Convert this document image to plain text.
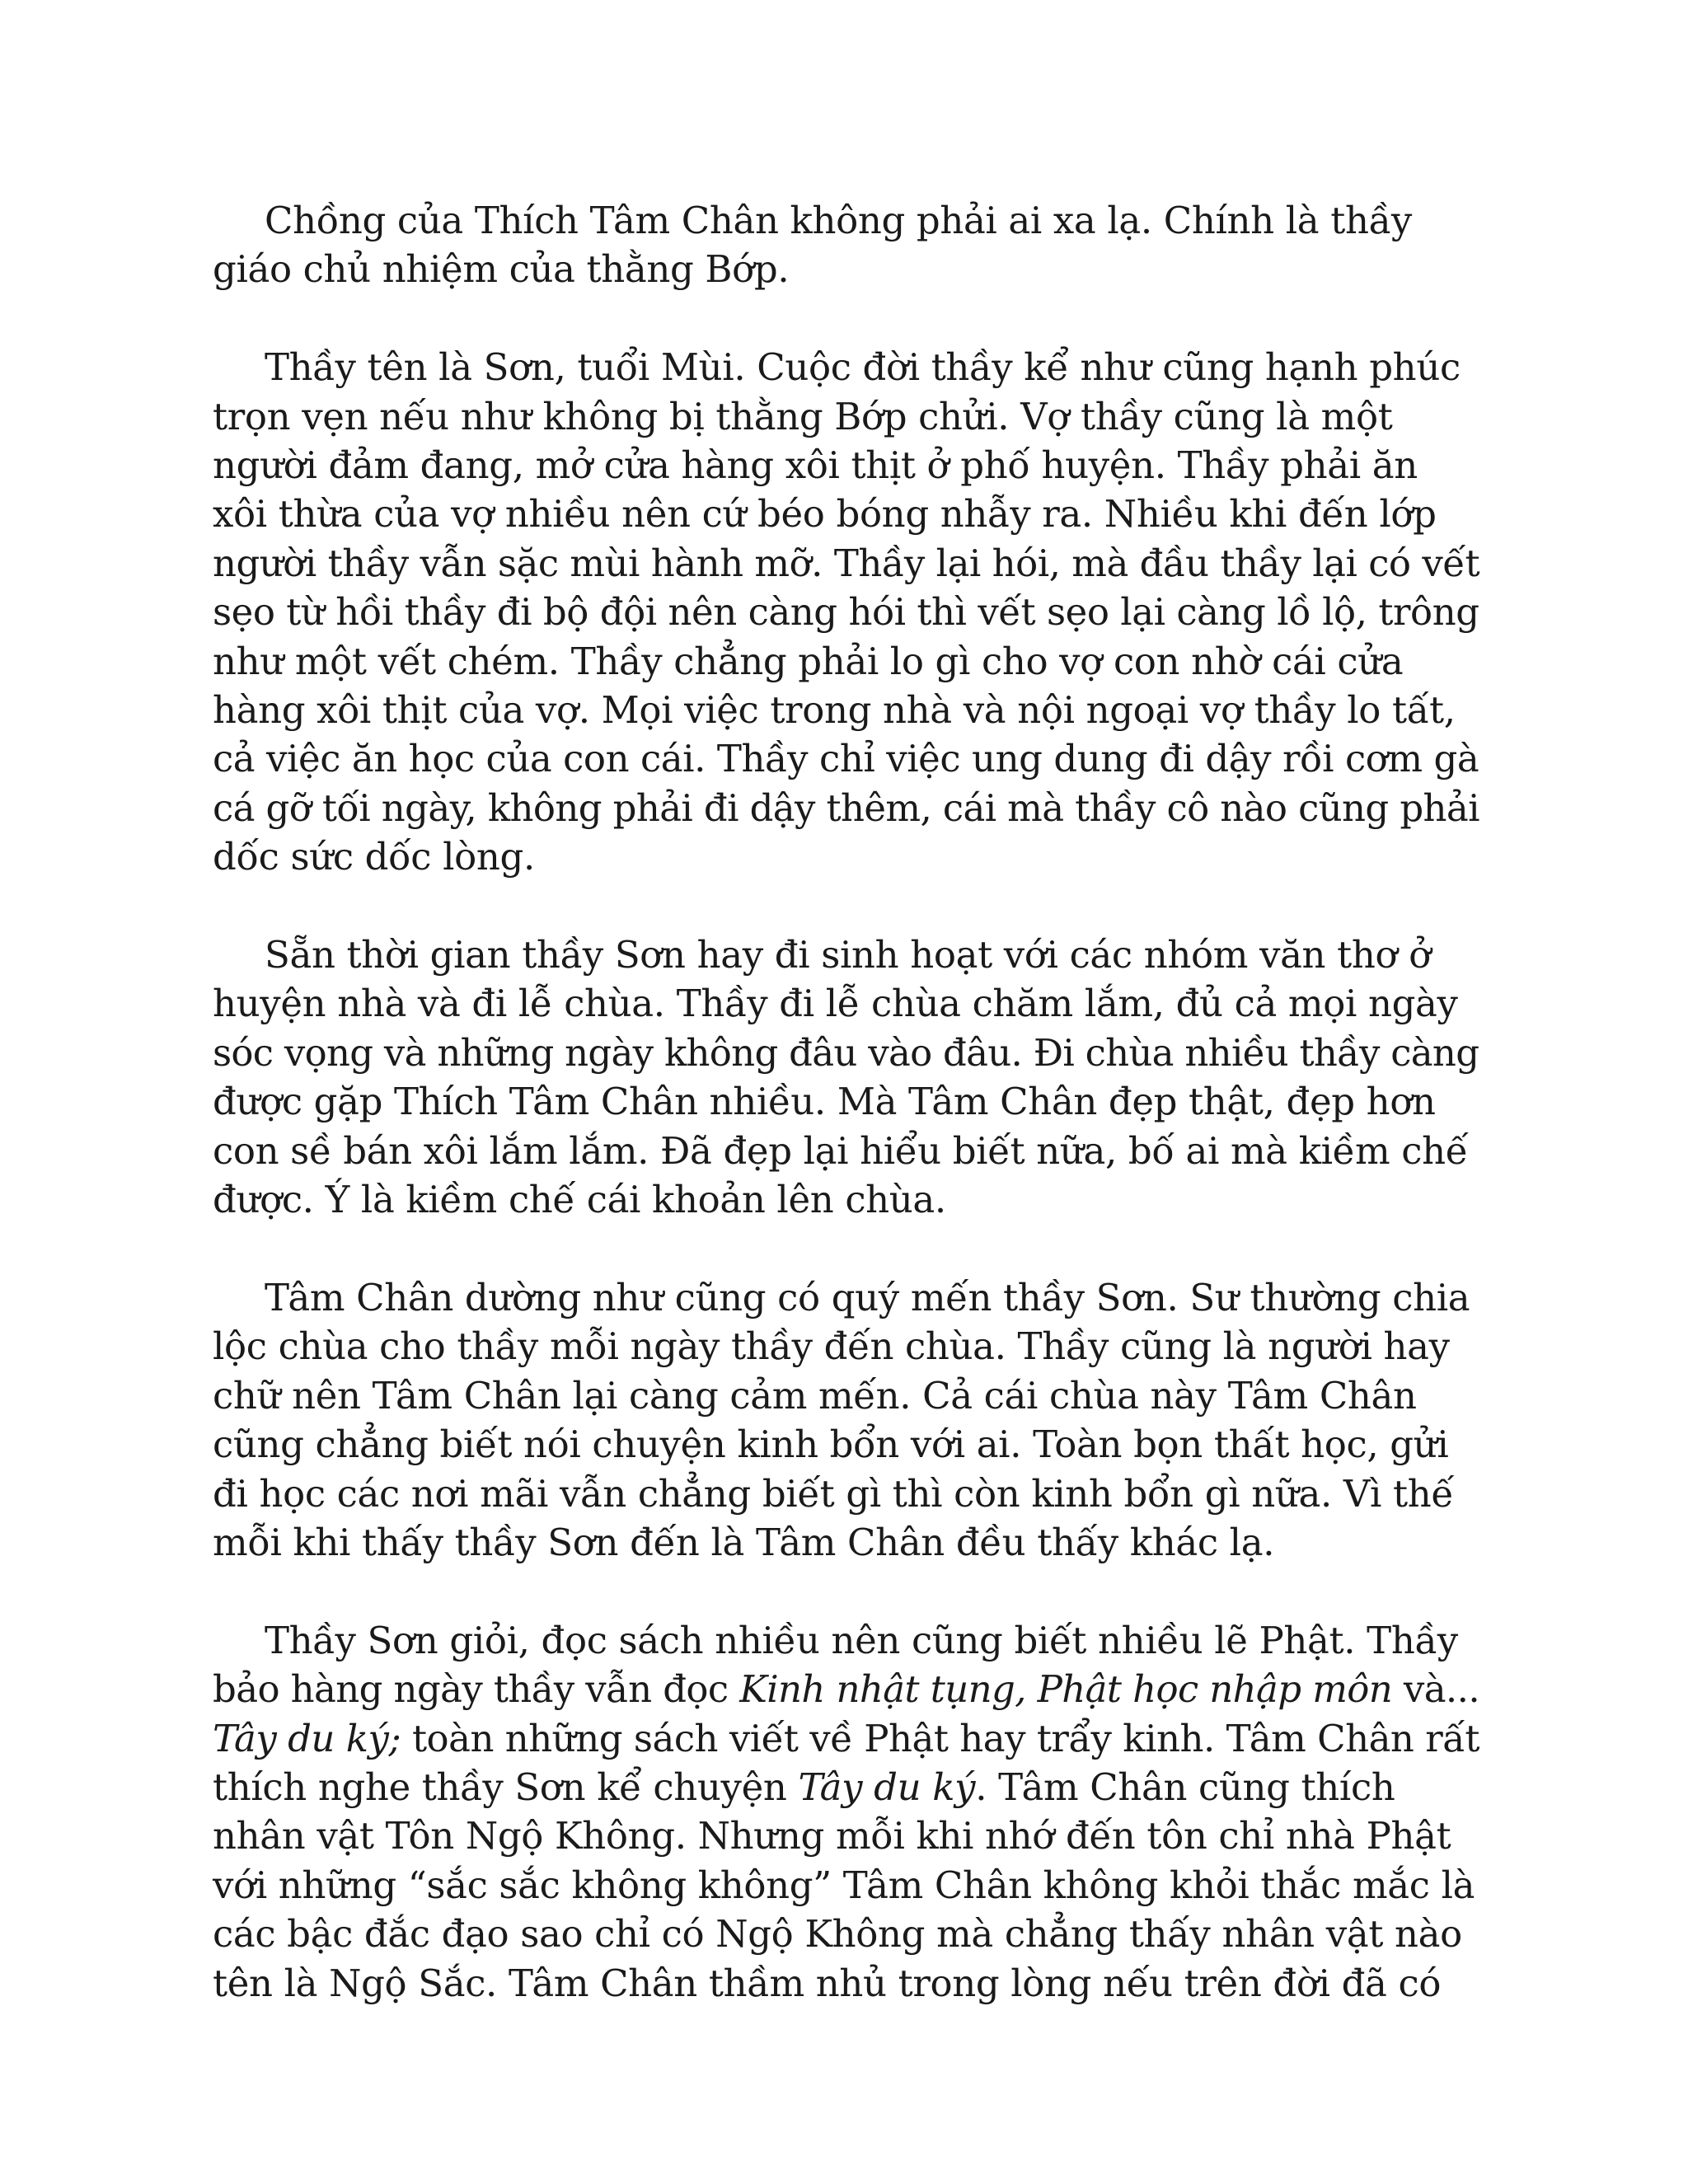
Chồng của Thích Tâm Chân không phải ai xa lạ. Chính là thầy
giáo chủ nhiệm của thằng Bớp.

Thầy tên là Sơn, tuổi Mùi. Cuộc đời thầy kể như cũng hạnh phúc
trọn vẹn nếu như không bị thằng Bớp chửi. Vợ thầy cũng là một
người đảm đang, mở cửa hàng xôi thịt ở phố huyện. Thầy phải ăn
xôi thừa của vợ nhiều nên cứ béo bóng nhẫy ra. Nhiều khi đến lớp
người thầy vẫn sặc mùi hành mỡ. Thầy lại hói, mà đầu thầy lại có vết
sẹo từ hồi thầy đi bộ đội nên càng hói thì vết sẹo lại càng lồ lộ, trông
như một vết chém. Thầy chẳng phải lo gì cho vợ con nhờ cái cửa
hàng xôi thịt của vợ. Mọi việc trong nhà và nội ngoại vợ thầy lo tất,
cả việc ăn học của con cái. Thầy chỉ việc ung dung đi dậy rồi cơm gà
cá gỡ tối ngày, không phải đi dậy thêm, cái mà thầy cô nào cũng phải
dốc sức dốc lòng.

Sẵn thời gian thầy Sơn hay đi sinh hoạt với các nhóm văn thơ ở
huyện nhà và đi lễ chùa. Thầy đi lễ chùa chăm lắm, đủ cả mọi ngày
sóc vọng và những ngày không đâu vào đâu. Đi chùa nhiều thầy càng
được gặp Thích Tâm Chân nhiều. Mà Tâm Chân đẹp thật, đẹp hơn
con sề bán xôi lắm lắm. Đã đẹp lại hiểu biết nữa, bố ai mà kiềm chế
được. Ý là kiềm chế cái khoản lên chùa.

Tâm Chân dường như cũng có quý mến thầy Sơn. Sư thường chia
lộc chùa cho thầy mỗi ngày thầy đến chùa. Thầy cũng là người hay
chữ nên Tâm Chân lại càng cảm mến. Cả cái chùa này Tâm Chân
cũng chẳng biết nói chuyện kinh bổn với ai. Toàn bọn thất học, gửi
đi học các nơi mãi vẫn chẳng biết gì thì còn kinh bổn gì nữa. Vì thế
mỗi khi thấy thầy Sơn đến là Tâm Chân đều thấy khác lạ.

Thầy Sơn giỏi, đọc sách nhiều nên cũng biết nhiều lẽ Phật. Thầy
bảo hàng ngày thầy vẫn đọc Kinh nhật tụng, Phật học nhập môn và...
Tây du ký; toàn những sách viết về Phật hay trẩy kinh. Tâm Chân rất
thích nghe thầy Sơn kể chuyện Tây du ký. Tâm Chân cũng thích
nhân vật Tôn Ngộ Không. Nhưng mỗi khi nhớ đến tôn chỉ nhà Phật
với những “sắc sắc không không” Tâm Chân không khỏi thắc mắc là
các bậc đắc đạo sao chỉ có Ngộ Không mà chẳng thấy nhân vật nào
tên là Ngộ Sắc. Tâm Chân thầm nhủ trong lòng nếu trên đời đã có
